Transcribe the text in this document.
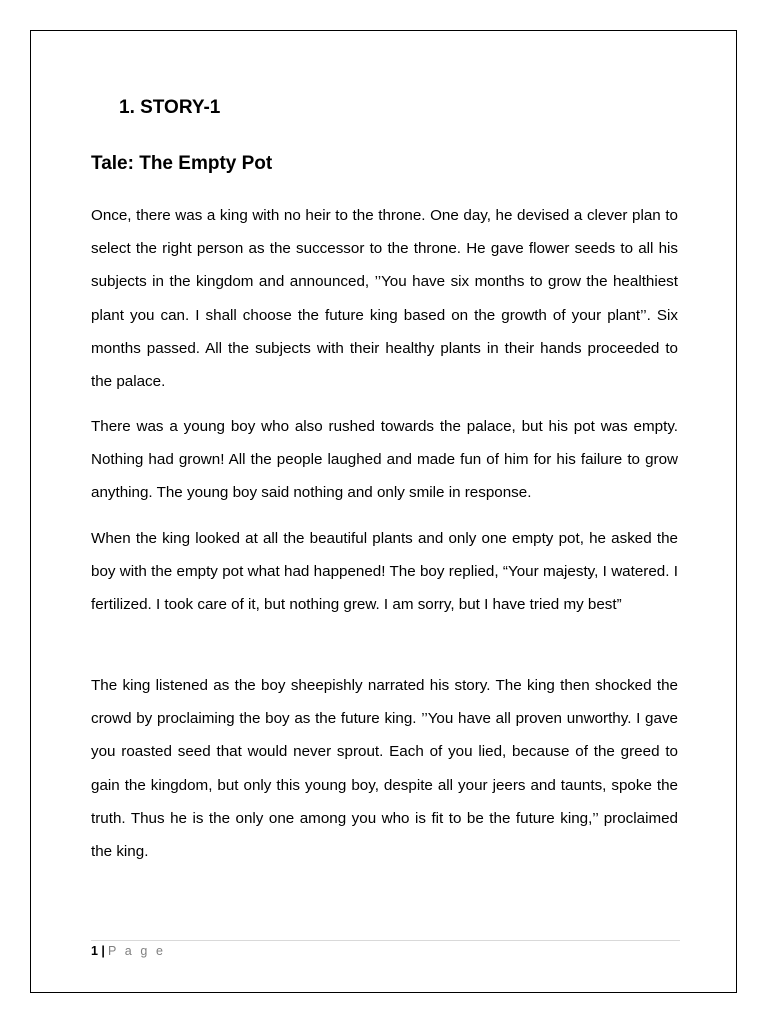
1. STORY-1
Tale: The Empty Pot

Once, there was a king with no heir to the throne. One day, he devised a clever plan to select the right person as the successor to the throne. He gave flower seeds to all his subjects in the kingdom and announced, ’’You have six months to grow the healthiest plant you can. I shall choose the future king based on the growth of your plant’’. Six months passed. All the subjects with their healthy plants in their hands proceeded to the palace.

There was a young boy who also rushed towards the palace, but his pot was empty. Nothing had grown! All the people laughed and made fun of him for his failure to grow anything. The young boy said nothing and only smile in response.

When the king looked at all the beautiful plants and only one empty pot, he asked the boy with the empty pot what had happened! The boy replied, “Your majesty, I watered. I fertilized. I took care of it, but nothing grew. I am sorry, but I have tried my best”

The king listened as the boy sheepishly narrated his story. The king then shocked the crowd by proclaiming the boy as the future king. ’’You have all proven unworthy. I gave you roasted seed that would never sprout. Each of you lied, because of the greed to gain the kingdom, but only this young boy, despite all your jeers and taunts, spoke the truth. Thus he is the only one among you who is fit to be the future king,’’ proclaimed the king.

1 | P a g e
